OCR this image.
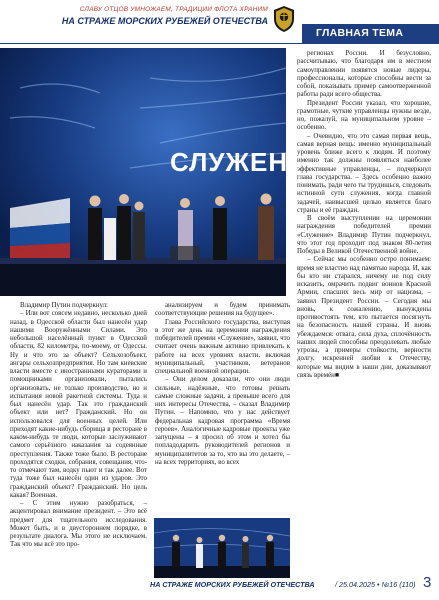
СЛАВУ ОТЦОВ УМНОЖАЕМ, ТРАДИЦИИ ФЛОТА ХРАНИМ
НА СТРАЖЕ МОРСКИХ РУБЕЖЕЙ ОТЕЧЕСТВА
ГЛАВНАЯ ТЕМА
СЛУЖЕНИЕ

Владимир Путин подчеркнул:

– Или вот совсем недавно, несколько дней назад, в Одесской области был нанесён удар нашими Вооружёнными Силами. Это небольшой населённый пункт в Одесской области, 82 километра, по-моему, от Одессы. Ну и что это за объект? Сельхозобъект, ангары сельхозпредприятия. Но там киевские власти вместе с иностранными кураторами и помощниками организовали, пытались организовать, не только производство, но и испытания новой ракетной системы. Туда и был нанесён удар. Так это гражданский объект или нет? Гражданский. Но он использовался для военных целей. Или приходят какие-нибудь сборища в ресторане в каком-нибудь те люди, которые заслуживают самого серьёзного наказания за содеянные преступления. Также тоже было. В ресторане проходятся сходки, собрания, совещания, что-то отмечают там, водку пьют и так далее. Вот туда тоже был нанесён один из ударов. Это гражданский объект? Гражданский. Но цель какая? Военная.

– С этим нужно разобраться, – акцентировал внимание президент. – Это всё предмет для тщательного исследования. Может быть, и в двустороннем порядке, в результате диалога. Мы этого не исключаем. Так что мы всё это про-

анализируем и будем принимать соответствующие решения на будущее».

Глава Российского государства, выступая в этот же день на церемонии награждения победителей премии «Служение», заявил, что считает очень важным активно привлекать к работе на всех уровнях власти, включая муниципальный, участников, ветеранов специальной военной операции.

– Они делом доказали, что они люди сильные, надёжные, что готовы решать самые сложные задачи, а превыше всего для них интересы Отечества, – сказал Владимир Путин. – Напомню, что у нас действует федеральная кадровая программа «Время героев». Аналогичные кадровые проекты уже запущены – я просил об этом и хотел бы попладодарить руководителей регионов и муниципалитетов за то, что вы это делаете, – на всех территориях, во всех

регионах России. И безусловно, рассчитываю, что благодаря им в местном самоуправлении появятся новые лидеры, профессионалы, которые способны вести за собой, показывать пример самоотверженной работы ради всего общества.

Президент России указал, что хорошие, грамотные, чуткие управленцы нужны везде, но, пожалуй, на муниципальном уровне – особенно.

– Очевидно, что это самая первая вещь, самая верная вещь: именно муниципальный уровень ближе всего к людям. И поэтому именно так должны появляться наиболее эффективные управленцы, – подчеркнул глава государства. – Здесь особенно важно понимать, ради чего ты трудишься, следовать истинной сути служения, когда главной задачей, наивысшей целью является благо страны и её граждан.

В своём выступлении на церемонии награждения победителей премии «Служение» Владимир Путин подчеркнул, что этот год проходит под знаком 80-летия Победы в Великой Отечественной войне.

– Сейчас мы особенно остро понимаем: время не властно над памятью народа. И, как бы кто ни старался, ничему не под силу исказить, омрачить подвиг воинов Красной Армии, спасших весь мир от нацизма, – заявил Президент России. – Сегодня мы вновь, к сожалению, вынуждены противостоять тем, кто пытается посягнуть на безопасность нашей страны. И вновь убеждаемся: отвага, сила духа, сплочённость наших людей способны преодолевать любые угрозы, а примеры стойкости, верности долгу, искренней любви к Отечеству, которые мы видим в наши дни, доказывают связь времён■

НА СТРАЖЕ МОРСКИХ РУБЕЖЕЙ ОТЕЧЕСТВА	/ 25.04.2025 • №16 (110) 3
